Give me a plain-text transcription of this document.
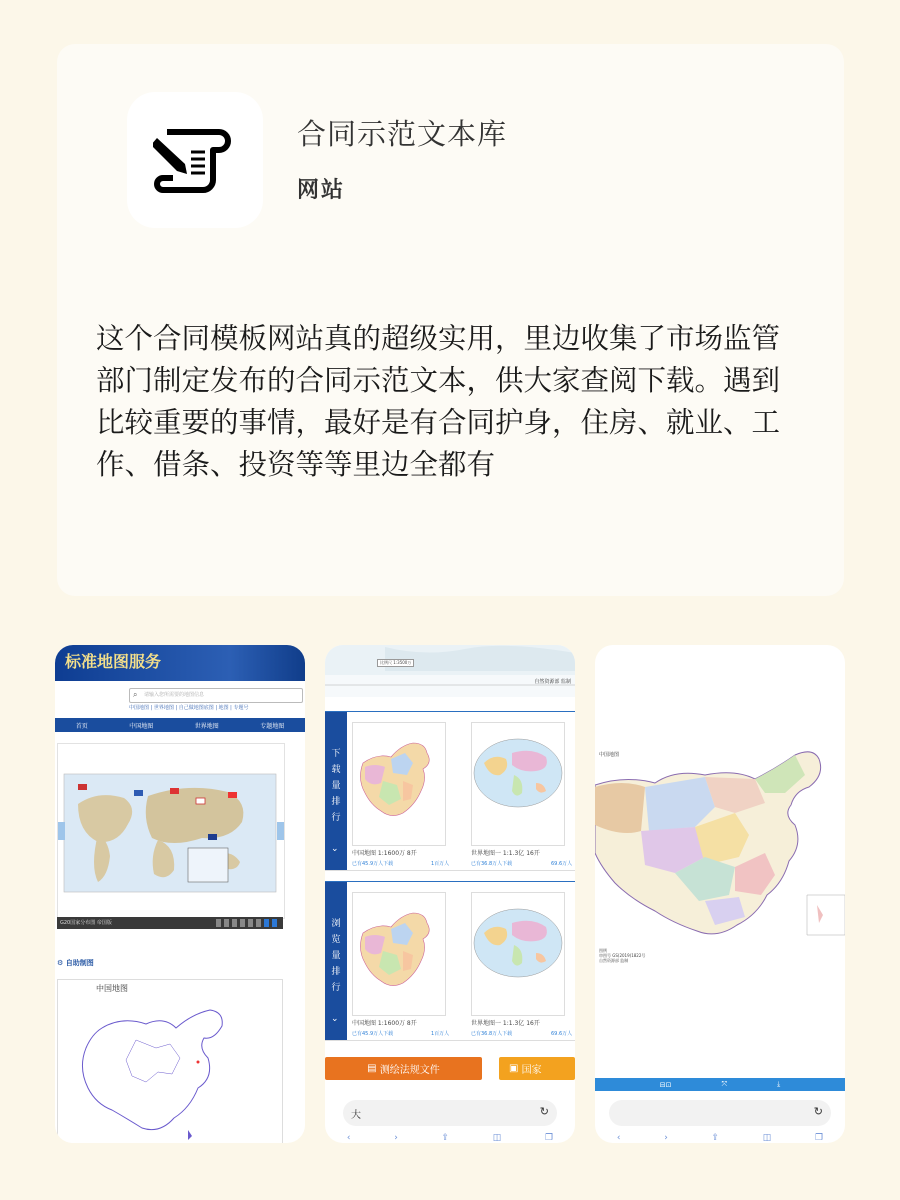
合同示范文本库
网站

这个合同模板网站真的超级实用，里边收集了市场监管

部门制定发布的合同示范文本，供大家查阅下载。遇到

比较重要的事情，最好是有合同护身，住房、就业、工

作、借条、投资等等里边全都有

标准地图服务
⌕ 请输入您所需要的地图信息
中国地图 | 世界地图 | 自己做地图底图 | 地图 | 专题号
首页	中国地图	世界地图	专题地图
G20国家分布图 帝国版
⚙ 自助制图
中国地图
比例尺 1:3500万
自然资源部 监制
下载量排行
⌄ 中国地图 1:1600万 8开	世界地图一 1:1.3亿 16开
已有45.9万人下载	1百万人	已有36.8万人下载	69.6万人
浏览量排行
⌄ 中国地图 1:1600万 8开	世界地图一 1:1.3亿 16开
已有45.9万人下载	1百万人	已有36.8万人下载	69.6万人
▤ 测绘法规文件	▣ 国家
大	↻
‹	›	⇪	◫	❐
中国地图
图例
审图号 GS(2019)1822号
自然资源部 监制
⊟⊡	⤧	⤓
↻
‹	›	⇪	◫	❐
